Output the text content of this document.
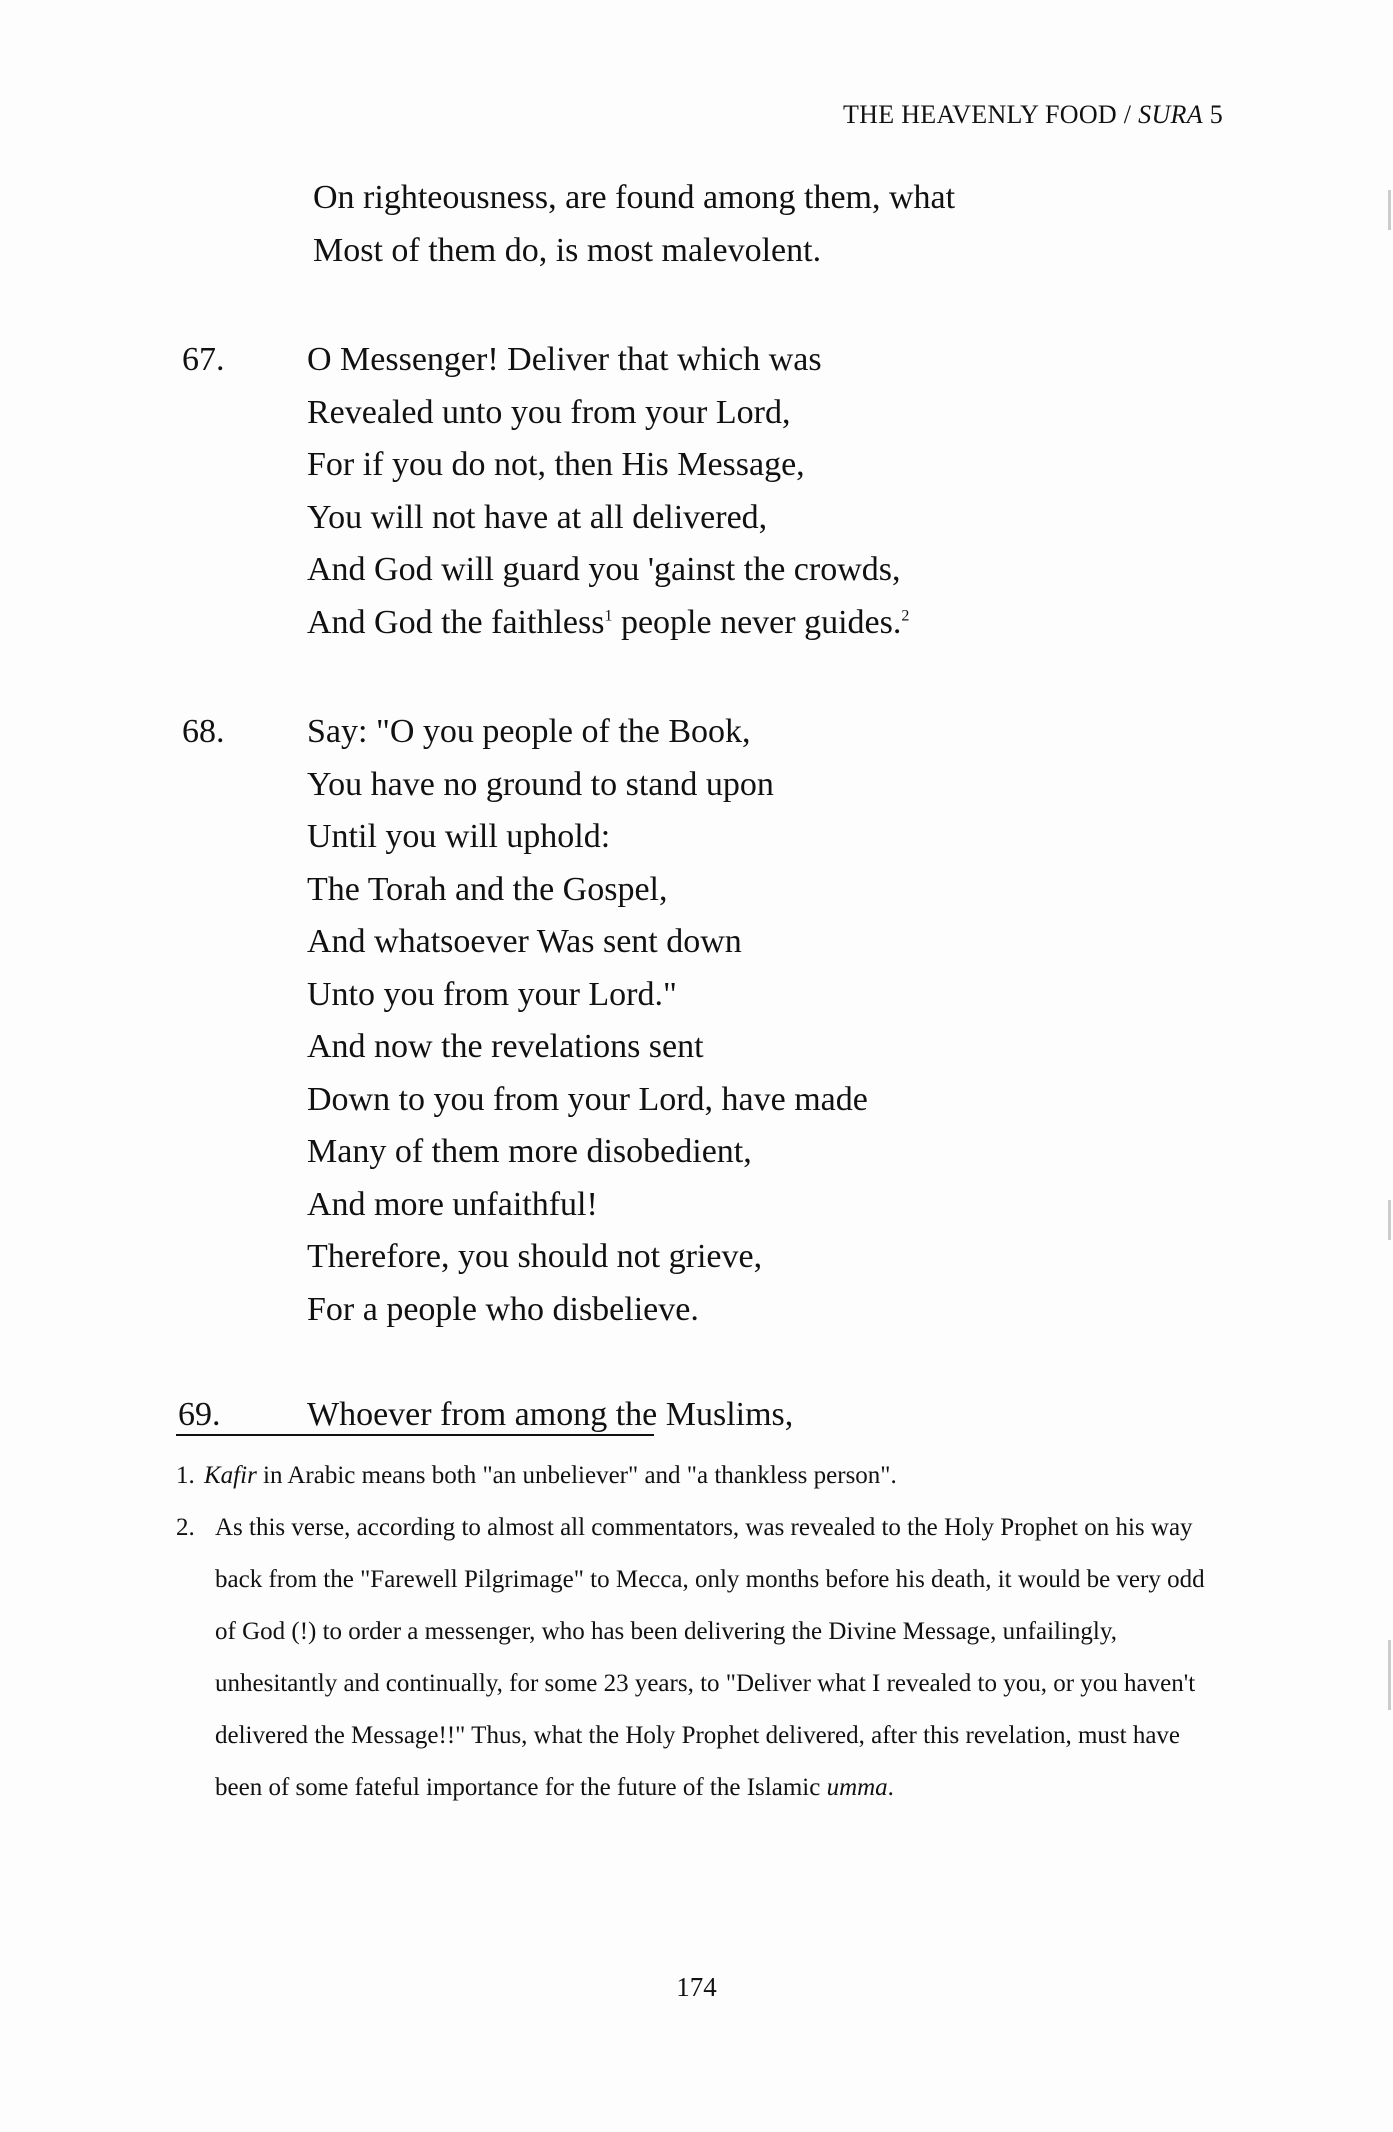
THE HEAVENLY FOOD / SURA 5
On righteousness, are found among them, what
Most of them do, is most malevolent.
67. O Messenger! Deliver that which was
Revealed unto you from your Lord,
For if you do not, then His Message,
You will not have at all delivered,
And God will guard you 'gainst the crowds,
And God the faithless$^1$ people never guides.$^2$
68. Say: "O you people of the Book,
You have no ground to stand upon
Until you will uphold:
The Torah and the Gospel,
And whatsoever Was sent down
Unto you from your Lord."
And now the revelations sent
Down to you from your Lord, have made
Many of them more disobedient,
And more unfaithful!
Therefore, you should not grieve,
For a people who disbelieve.
69.	Whoever from among the Muslims,
1. Kafir in Arabic means both "an unbeliever" and "a thankless person".
2. As this verse, according to almost all commentators, was revealed to the Holy Prophet on his way back from the "Farewell Pilgrimage" to Mecca, only months before his death, it would be very odd of God (!) to order a messenger, who has been delivering the Divine Message, unfailingly, unhesitantly and continually, for some 23 years, to "Deliver what I revealed to you, or you haven't delivered the Message!!" Thus, what the Holy Prophet delivered, after this revelation, must have been of some fateful importance for the future of the Islamic umma.
174
